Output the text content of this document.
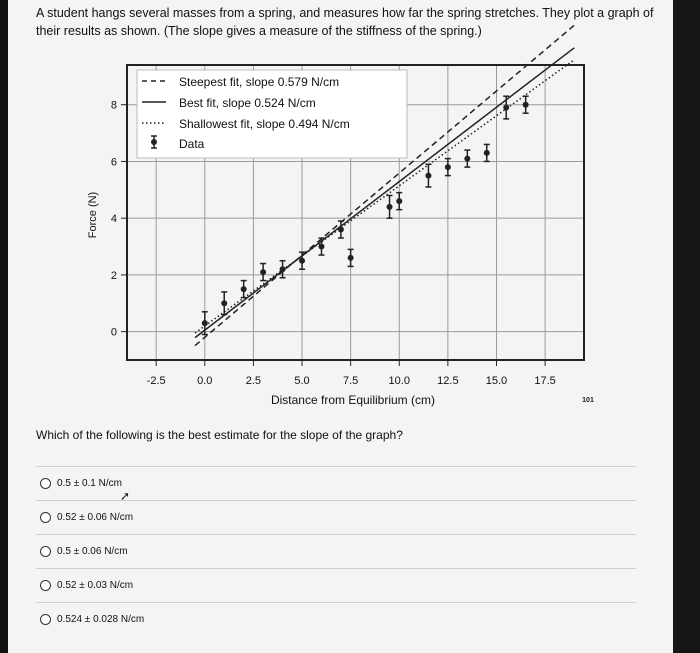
A student hangs several masses from a spring, and measures how far the spring stretches. They plot a graph of their results as shown. (The slope gives a measure of the stiffness of the spring.)

-2.5	0.0	2.5	5.0	7.5	10.0 12.5 15.0 17.5
0
2
4
6
8
Steepest fit, slope 0.579 N/cm
Best fit, slope 0.524 N/cm
Shallowest fit, slope 0.494 N/cm
Data
Distance from Equilibrium (cm)
Force (N)
101

Which of the following is the best estimate for the slope of the graph?

0.5 ± 0.1 N/cm
0.52 ± 0.06 N/cm
0.5 ± 0.06 N/cm
0.52 ± 0.03 N/cm
0.524 ± 0.028 N/cm
➚
